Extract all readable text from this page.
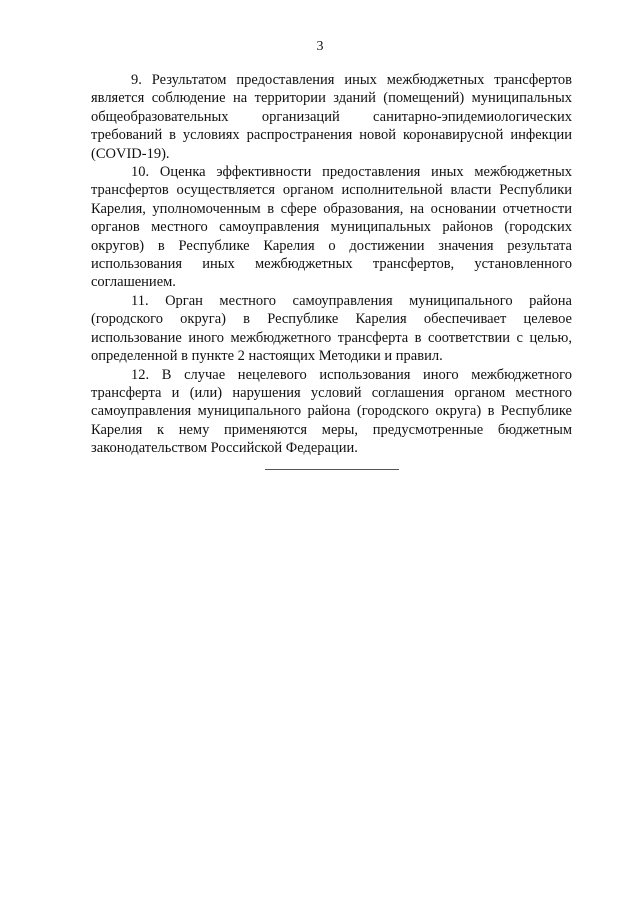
3

9. Результатом предоставления иных межбюджетных трансфертов является соблюдение на территории зданий (помещений) муниципальных общеобразовательных организаций санитарно-эпидемиологических требований в условиях распространения новой коронавирусной инфекции (COVID-19).

10. Оценка эффективности предоставления иных межбюджетных трансфертов осуществляется органом исполнительной власти Республики Карелия, уполномоченным в сфере образования, на основании отчетности органов местного самоуправления муниципальных районов (городских округов) в Республике Карелия о достижении значения результата использования иных межбюджетных трансфертов, установленного соглашением.

11. Орган местного самоуправления муниципального района (городского округа) в Республике Карелия обеспечивает целевое использование иного межбюджетного трансферта в соответствии с целью, определенной в пункте 2 настоящих Методики и правил.

12. В случае нецелевого использования иного межбюджетного трансферта и (или) нарушения условий соглашения органом местного самоуправления муниципального района (городского округа) в Республике Карелия к нему применяются меры, предусмотренные бюджетным законодательством Российской Федерации.
